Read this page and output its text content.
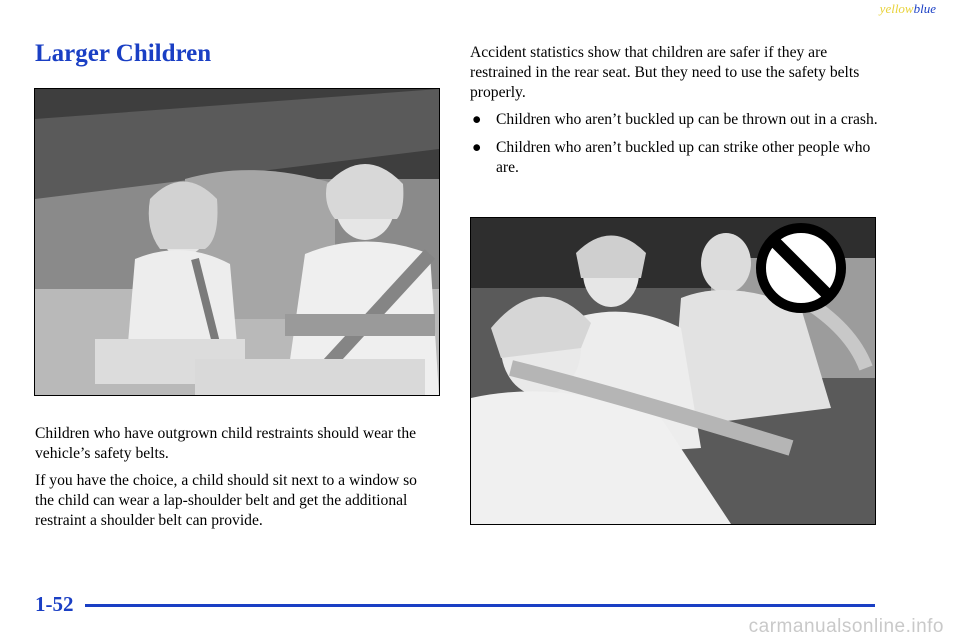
yellowblue
Larger Children

Children who have outgrown child restraints should wear the vehicle’s safety belts.

If you have the choice, a child should sit next to a window so the child can wear a lap-shoulder belt and get the additional restraint a shoulder belt can provide.

Accident statistics show that children are safer if they are restrained in the rear seat. But they need to use the safety belts properly.

● Children who aren’t buckled up can be thrown out in a crash.
● Children who aren’t buckled up can strike other people who are.
1-52
carmanualsonline.info
